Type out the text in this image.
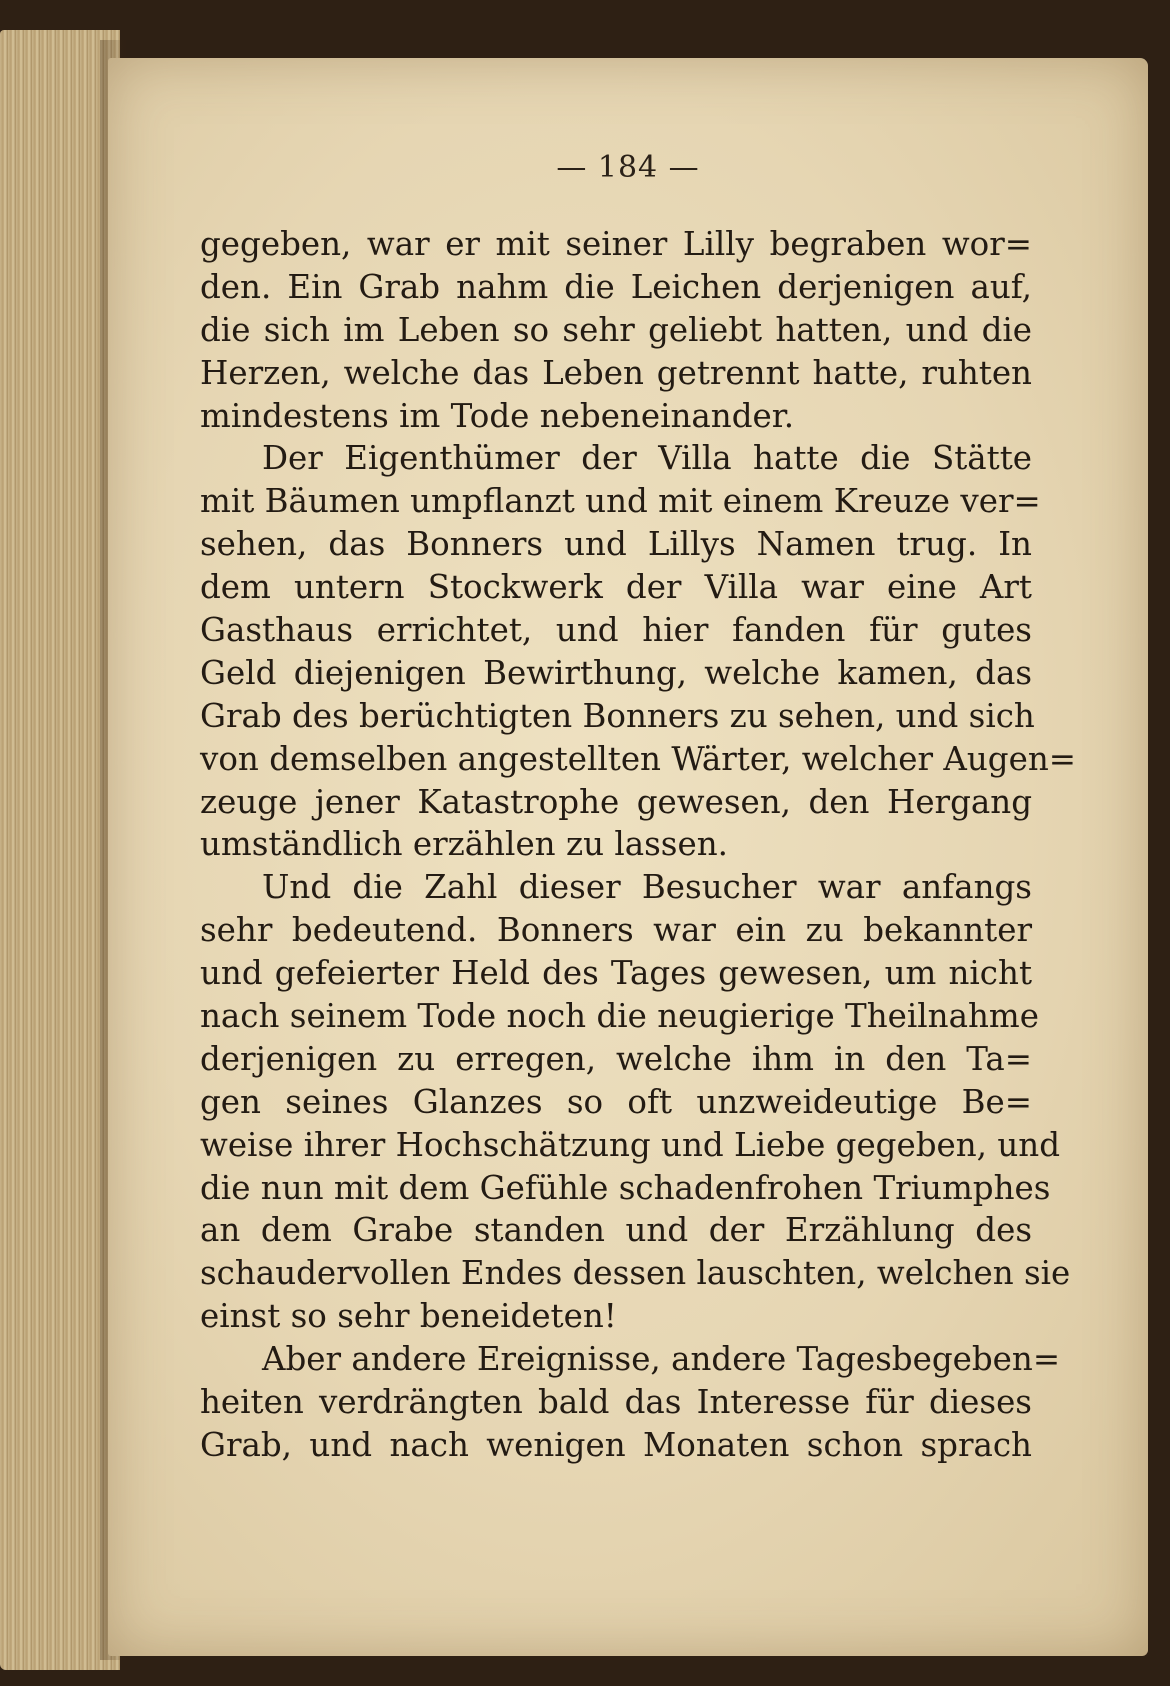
— 184 —
gegeben, war er mit seiner Lilly begraben wor=
den. Ein Grab nahm die Leichen derjenigen auf,
die sich im Leben so sehr geliebt hatten, und die
Herzen, welche das Leben getrennt hatte, ruhten
mindestens im Tode nebeneinander.
Der Eigenthümer der Villa hatte die Stätte
mit Bäumen umpflanzt und mit einem Kreuze ver=
sehen, das Bonners und Lillys Namen trug. In
dem untern Stockwerk der Villa war eine Art
Gasthaus errichtet, und hier fanden für gutes
Geld diejenigen Bewirthung, welche kamen, das
Grab des berüchtigten Bonners zu sehen, und sich
von demselben angestellten Wärter, welcher Augen=
zeuge jener Katastrophe gewesen, den Hergang
umständlich erzählen zu lassen.
Und die Zahl dieser Besucher war anfangs
sehr bedeutend. Bonners war ein zu bekannter
und gefeierter Held des Tages gewesen, um nicht
nach seinem Tode noch die neugierige Theilnahme
derjenigen zu erregen, welche ihm in den Ta=
gen seines Glanzes so oft unzweideutige Be=
weise ihrer Hochschätzung und Liebe gegeben, und
die nun mit dem Gefühle schadenfrohen Triumphes
an dem Grabe standen und der Erzählung des
schaudervollen Endes dessen lauschten, welchen sie
einst so sehr beneideten!
Aber andere Ereignisse, andere Tagesbegeben=
heiten verdrängten bald das Interesse für dieses
Grab, und nach wenigen Monaten schon sprach
